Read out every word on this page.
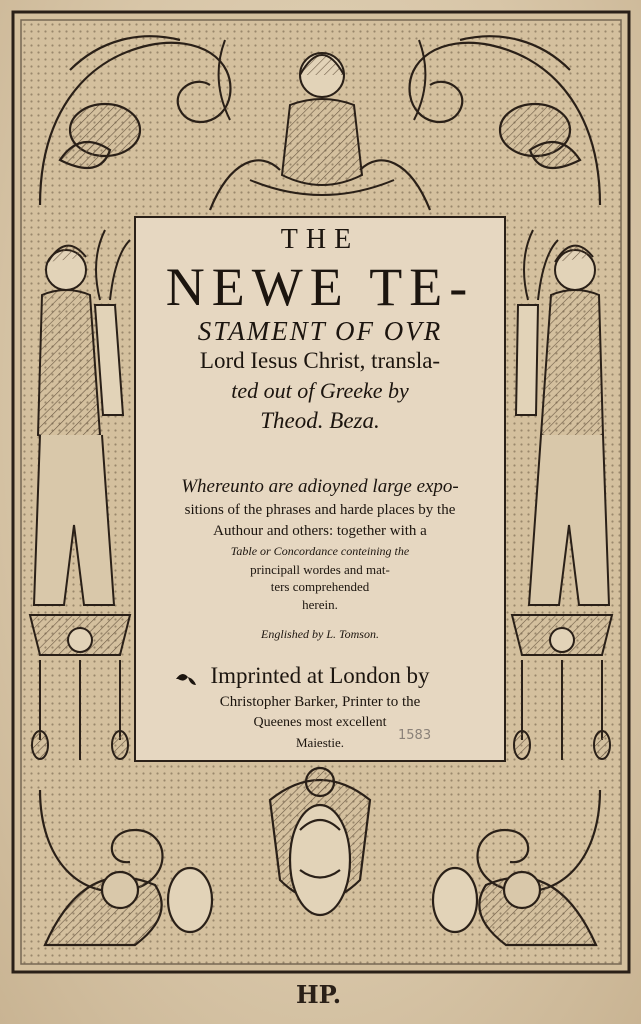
THE
NEWE TE-
STAMENT OF OVR
Lord Iesus Christ, transla-
ted out of Greeke by
Theod. Beza.
Whereunto are adioyned large expo-
sitions of the phrases and harde places by the
Authour and others: together with a
Table or Concordance conteining the
principall wordes and mat-
ters comprehended
herein.
Englished by L. Tomson.
Imprinted at London by
Christopher Barker, Printer to the
Queenes most excellent
Maiestie.	1583
HP.
